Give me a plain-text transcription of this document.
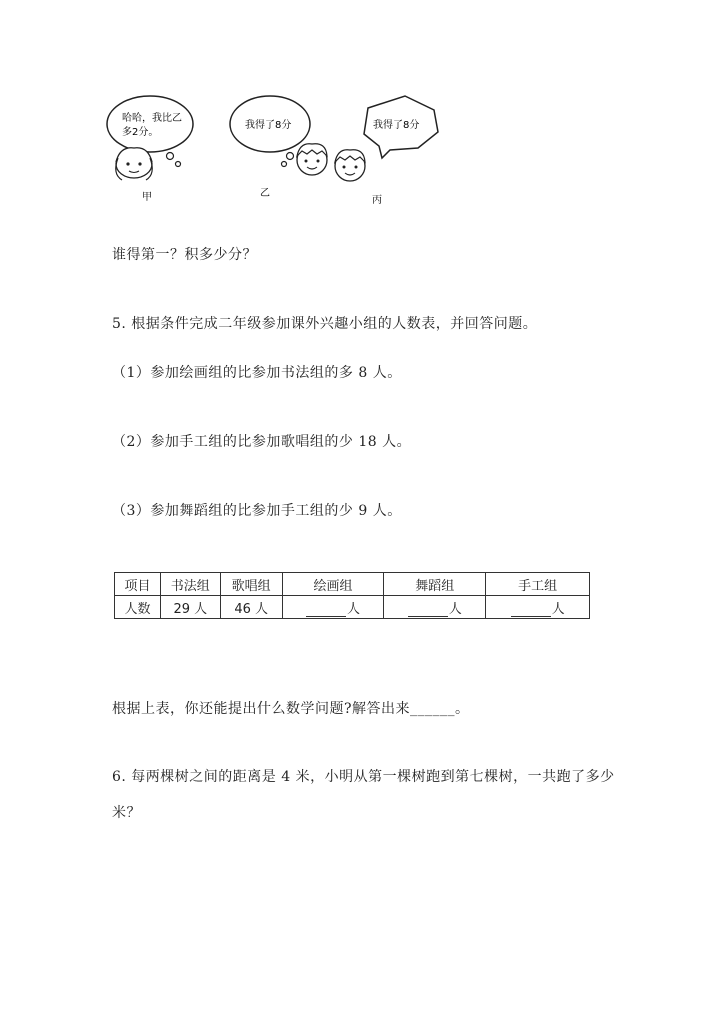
哈哈，我比乙
多2分。
甲
我得了8分
乙
我得了8分
丙
谁得第一？积多少分？
5. 根据条件完成二年级参加课外兴趣小组的人数表，并回答问题。
（1）参加绘画组的比参加书法组的多 8 人。
（2）参加手工组的比参加歌唱组的少 18 人。
（3）参加舞蹈组的比参加手工组的少 9 人。
项目	书法组	歌唱组	绘画组	舞蹈组	手工组
人数	29 人	46 人	人	人	人
根据上表，你还能提出什么数学问题?解答出来______。
6. 每两棵树之间的距离是 4 米，小明从第一棵树跑到第七棵树，一共跑了多少
米？
